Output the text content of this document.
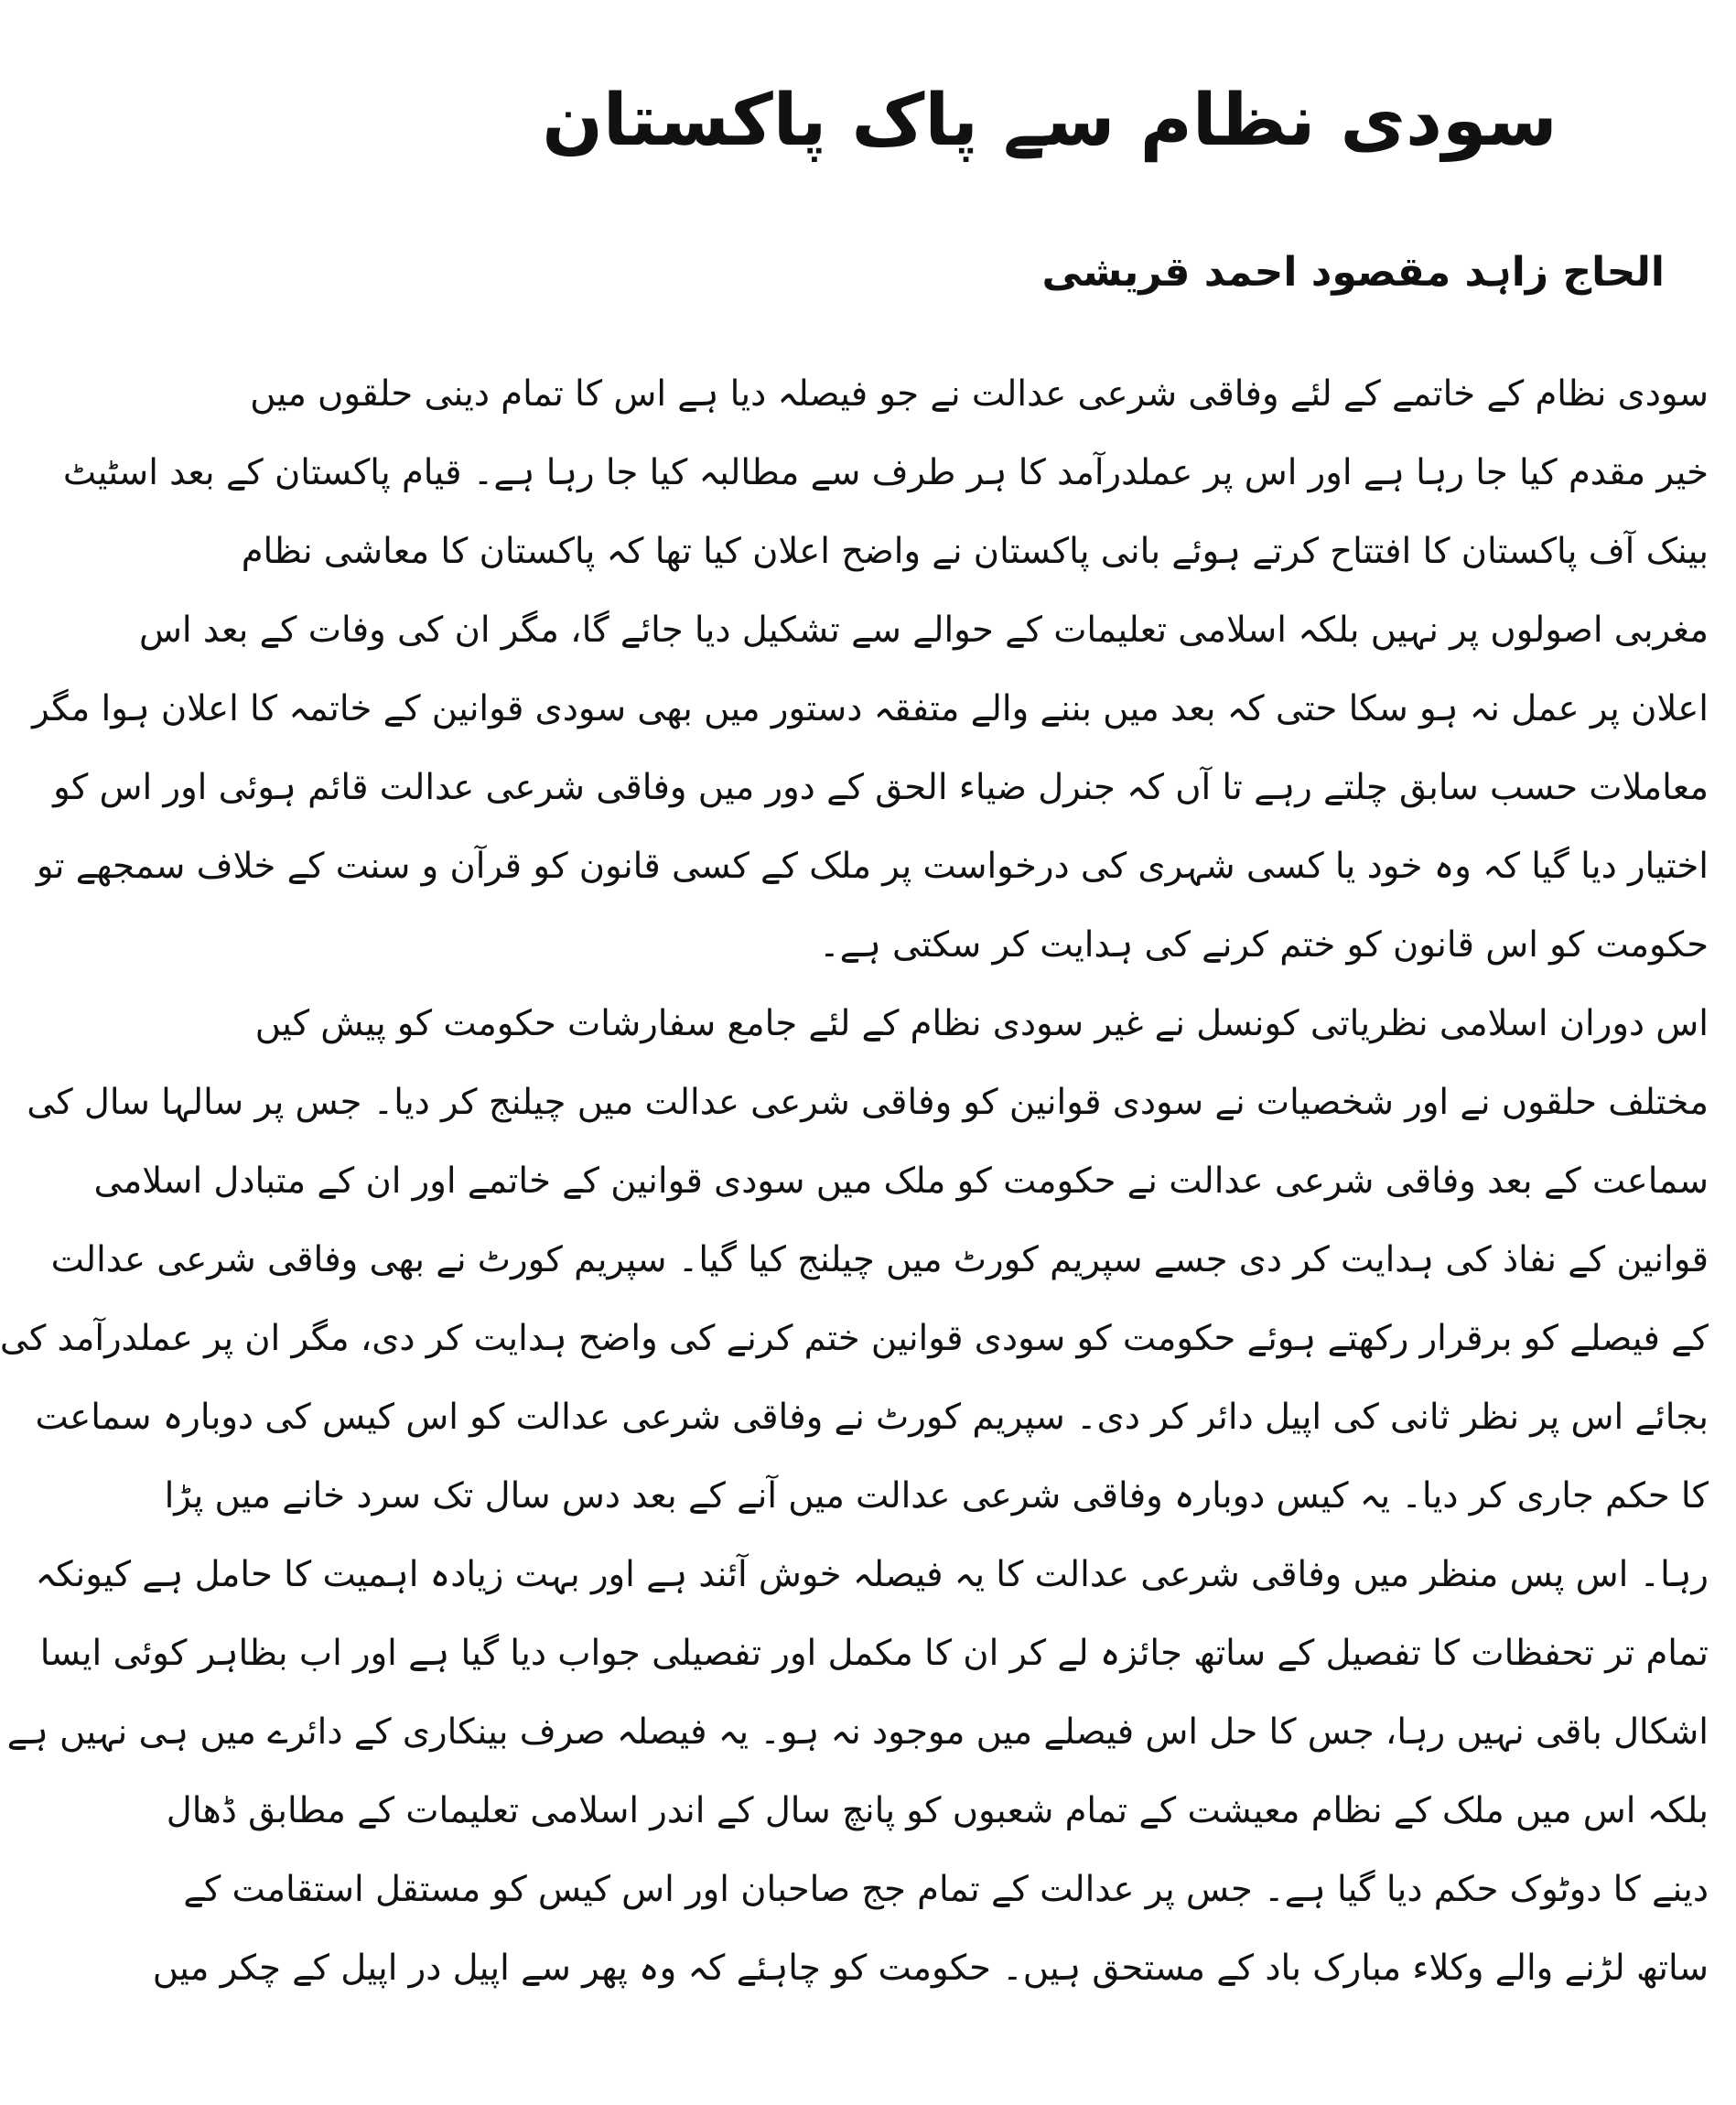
سودی نظام سے پاک پاکستان
الحاج زاہد مقصود احمد قریشی

سودی نظام کے خاتمے کے لئے وفاقی شرعی عدالت نے جو فیصلہ دیا ہے اس کا تمام دینی حلقوں میں
خیر مقدم کیا جا رہا ہے اور اس پر عملدرآمد کا ہر طرف سے مطالبہ کیا جا رہا ہے۔ قیام پاکستان کے بعد اسٹیٹ
بینک آف پاکستان کا افتتاح کرتے ہوئے بانی پاکستان نے واضح اعلان کیا تھا کہ پاکستان کا معاشی نظام
مغربی اصولوں پر نہیں بلکہ اسلامی تعلیمات کے حوالے سے تشکیل دیا جائے گا، مگر ان کی وفات کے بعد اس
اعلان پر عمل نہ ہو سکا حتی کہ بعد میں بننے والے متفقہ دستور میں بھی سودی قوانین کے خاتمہ کا اعلان ہوا مگر
معاملات حسب سابق چلتے رہے تا آں کہ جنرل ضیاء الحق کے دور میں وفاقی شرعی عدالت قائم ہوئی اور اس کو
اختیار دیا گیا کہ وہ خود یا کسی شہری کی درخواست پر ملک کے کسی قانون کو قرآن و سنت کے خلاف سمجھے تو
حکومت کو اس قانون کو ختم کرنے کی ہدایت کر سکتی ہے۔

اس دوران اسلامی نظریاتی کونسل نے غیر سودی نظام کے لئے جامع سفارشات حکومت کو پیش کیں
مختلف حلقوں نے اور شخصیات نے سودی قوانین کو وفاقی شرعی عدالت میں چیلنج کر دیا۔ جس پر سالہا سال کی
سماعت کے بعد وفاقی شرعی عدالت نے حکومت کو ملک میں سودی قوانین کے خاتمے اور ان کے متبادل اسلامی
قوانین کے نفاذ کی ہدایت کر دی جسے سپریم کورٹ میں چیلنج کیا گیا۔ سپریم کورٹ نے بھی وفاقی شرعی عدالت
کے فیصلے کو برقرار رکھتے ہوئے حکومت کو سودی قوانین ختم کرنے کی واضح ہدایت کر دی، مگر ان پر عملدرآمد کی
بجائے اس پر نظر ثانی کی اپیل دائر کر دی۔ سپریم کورٹ نے وفاقی شرعی عدالت کو اس کیس کی دوبارہ سماعت
کا حکم جاری کر دیا۔ یہ کیس دوبارہ وفاقی شرعی عدالت میں آنے کے بعد دس سال تک سرد خانے میں پڑا
رہا۔ اس پس منظر میں وفاقی شرعی عدالت کا یہ فیصلہ خوش آئند ہے اور بہت زیادہ اہمیت کا حامل ہے کیونکہ
تمام تر تحفظات کا تفصیل کے ساتھ جائزہ لے کر ان کا مکمل اور تفصیلی جواب دیا گیا ہے اور اب بظاہر کوئی ایسا
اشکال باقی نہیں رہا، جس کا حل اس فیصلے میں موجود نہ ہو۔ یہ فیصلہ صرف بینکاری کے دائرے میں ہی نہیں ہے
بلکہ اس میں ملک کے نظام معیشت کے تمام شعبوں کو پانچ سال کے اندر اسلامی تعلیمات کے مطابق ڈھال
دینے کا دوٹوک حکم دیا گیا ہے۔ جس پر عدالت کے تمام جج صاحبان اور اس کیس کو مستقل استقامت کے
ساتھ لڑنے والے وکلاء مبارک باد کے مستحق ہیں۔ حکومت کو چاہئے کہ وہ پھر سے اپیل در اپیل کے چکر میں
